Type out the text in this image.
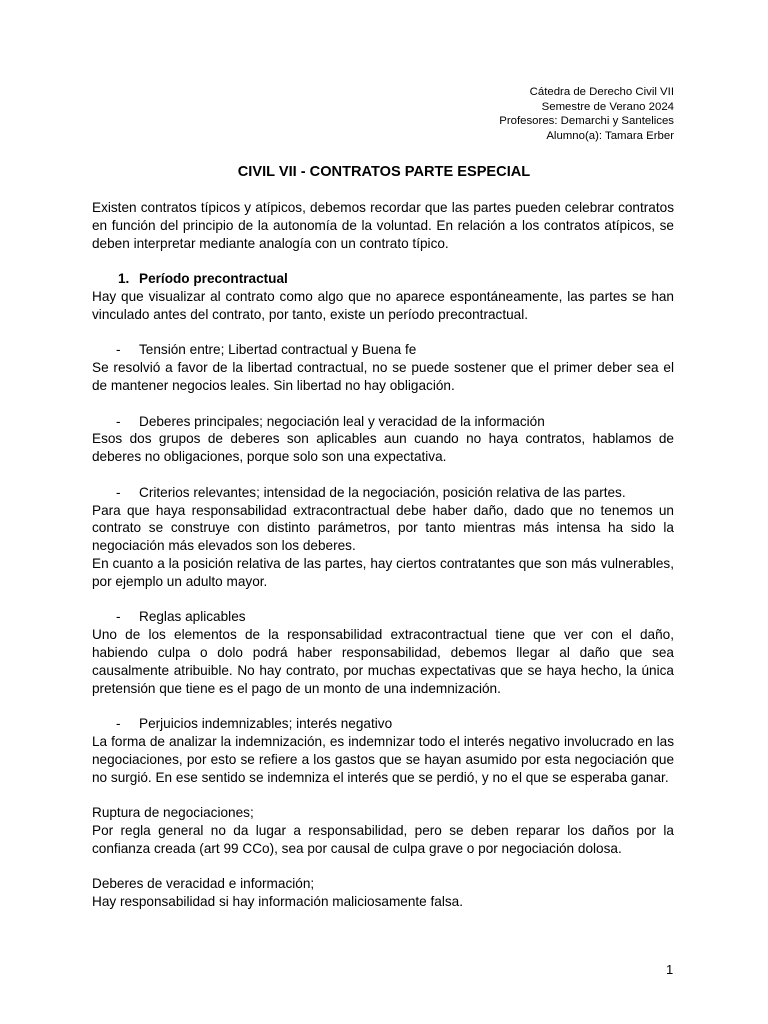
Cátedra de Derecho Civil VII
Semestre de Verano 2024
Profesores: Demarchi y Santelices
Alumno(a): Tamara Erber
CIVIL VII - CONTRATOS PARTE ESPECIAL

Existen contratos típicos y atípicos, debemos recordar que las partes pueden celebrar contratos en función del principio de la autonomía de la voluntad. En relación a los contratos atípicos, se deben interpretar mediante analogía con un contrato típico.

1. Período precontractual

Hay que visualizar al contrato como algo que no aparece espontáneamente, las partes se han vinculado antes del contrato, por tanto, existe un período precontractual.

- Tensión entre; Libertad contractual y Buena fe

Se resolvió a favor de la libertad contractual, no se puede sostener que el primer deber sea el de mantener negocios leales. Sin libertad no hay obligación.

- Deberes principales; negociación leal y veracidad de la información

Esos dos grupos de deberes son aplicables aun cuando no haya contratos, hablamos de deberes no obligaciones, porque solo son una expectativa.

- Criterios relevantes; intensidad de la negociación, posición relativa de las partes.

Para que haya responsabilidad extracontractual debe haber daño, dado que no tenemos un contrato se construye con distinto parámetros, por tanto mientras más intensa ha sido la negociación más elevados son los deberes.

En cuanto a la posición relativa de las partes, hay ciertos contratantes que son más vulnerables, por ejemplo un adulto mayor.

- Reglas aplicables

Uno de los elementos de la responsabilidad extracontractual tiene que ver con el daño, habiendo culpa o dolo podrá haber responsabilidad, debemos llegar al daño que sea causalmente atribuible. No hay contrato, por muchas expectativas que se haya hecho, la única pretensión que tiene es el pago de un monto de una indemnización.

- Perjuicios indemnizables; interés negativo

La forma de analizar la indemnización, es indemnizar todo el interés negativo involucrado en las negociaciones, por esto se refiere a los gastos que se hayan asumido por esta negociación que no surgió. En ese sentido se indemniza el interés que se perdió, y no el que se esperaba ganar.

Ruptura de negociaciones;

Por regla general no da lugar a responsabilidad, pero se deben reparar los daños por la confianza creada (art 99 CCo), sea por causal de culpa grave o por negociación dolosa.

Deberes de veracidad e información;

Hay responsabilidad si hay información maliciosamente falsa.

1
